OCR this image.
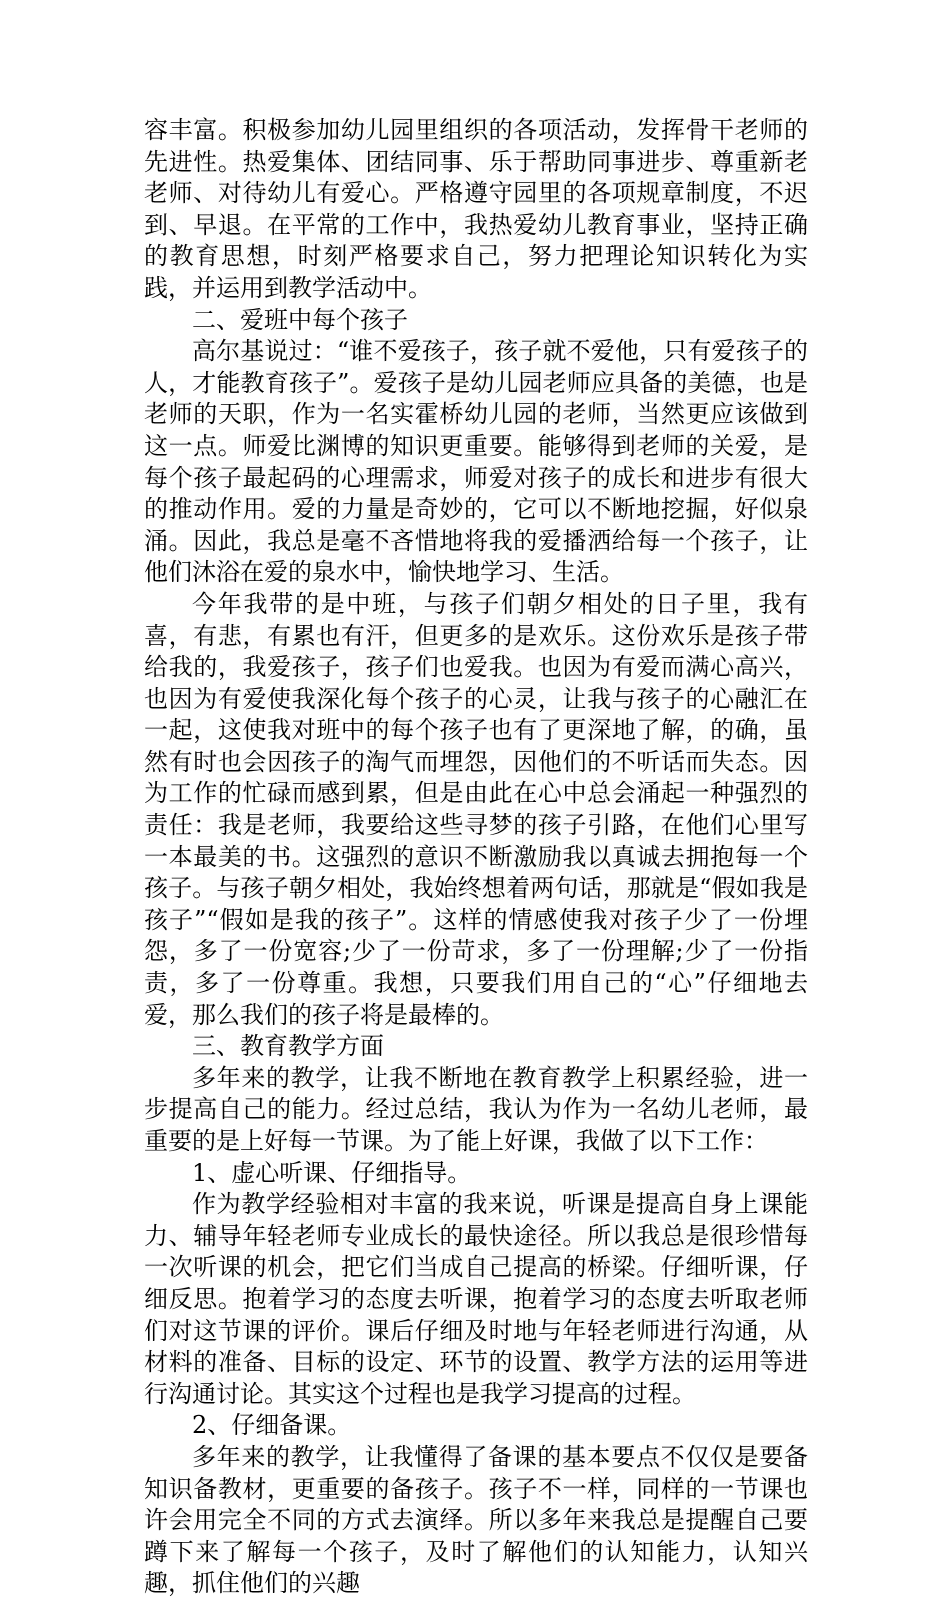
容丰富。积极参加幼儿园里组织的各项活动，发挥骨干老师的先进性。热爱集体、团结同事、乐于帮助同事进步、尊重新老老师、对待幼儿有爱心。严格遵守园里的各项规章制度，不迟到、早退。在平常的工作中，我热爱幼儿教育事业，坚持正确的教育思想，时刻严格要求自己，努力把理论知识转化为实践，并运用到教学活动中。

二、爱班中每个孩子

高尔基说过：“谁不爱孩子，孩子就不爱他，只有爱孩子的人，才能教育孩子”。爱孩子是幼儿园老师应具备的美德，也是老师的天职，作为一名实霍桥幼儿园的老师，当然更应该做到这一点。师爱比渊博的知识更重要。能够得到老师的关爱，是每个孩子最起码的心理需求，师爱对孩子的成长和进步有很大的推动作用。爱的力量是奇妙的，它可以不断地挖掘，好似泉涌。因此，我总是毫不吝惜地将我的爱播洒给每一个孩子，让他们沐浴在爱的泉水中，愉快地学习、生活。

今年我带的是中班，与孩子们朝夕相处的日子里，我有喜，有悲，有累也有汗，但更多的是欢乐。这份欢乐是孩子带给我的，我爱孩子，孩子们也爱我。也因为有爱而满心高兴，也因为有爱使我深化每个孩子的心灵，让我与孩子的心融汇在一起，这使我对班中的每个孩子也有了更深地了解，的确，虽然有时也会因孩子的淘气而埋怨，因他们的不听话而失态。因为工作的忙碌而感到累，但是由此在心中总会涌起一种强烈的责任：我是老师，我要给这些寻梦的孩子引路，在他们心里写一本最美的书。这强烈的意识不断激励我以真诚去拥抱每一个孩子。与孩子朝夕相处，我始终想着两句话，那就是“假如我是孩子”“假如是我的孩子”。这样的情感使我对孩子少了一份埋怨，多了一份宽容;少了一份苛求，多了一份理解;少了一份指责，多了一份尊重。我想，只要我们用自己的“心”仔细地去爱，那么我们的孩子将是最棒的。

三、教育教学方面

多年来的教学，让我不断地在教育教学上积累经验，进一步提高自己的能力。经过总结，我认为作为一名幼儿老师，最重要的是上好每一节课。为了能上好课，我做了以下工作：

1、虚心听课、仔细指导。

作为教学经验相对丰富的我来说，听课是提高自身上课能力、辅导年轻老师专业成长的最快途径。所以我总是很珍惜每一次听课的机会，把它们当成自己提高的桥梁。仔细听课，仔细反思。抱着学习的态度去听课，抱着学习的态度去听取老师们对这节课的评价。课后仔细及时地与年轻老师进行沟通，从材料的准备、目标的设定、环节的设置、教学方法的运用等进行沟通讨论。其实这个过程也是我学习提高的过程。

2、仔细备课。

多年来的教学，让我懂得了备课的基本要点不仅仅是要备知识备教材，更重要的备孩子。孩子不一样，同样的一节课也许会用完全不同的方式去演绎。所以多年来我总是提醒自己要蹲下来了解每一个孩子，及时了解他们的认知能力，认知兴趣，抓住他们的兴趣
